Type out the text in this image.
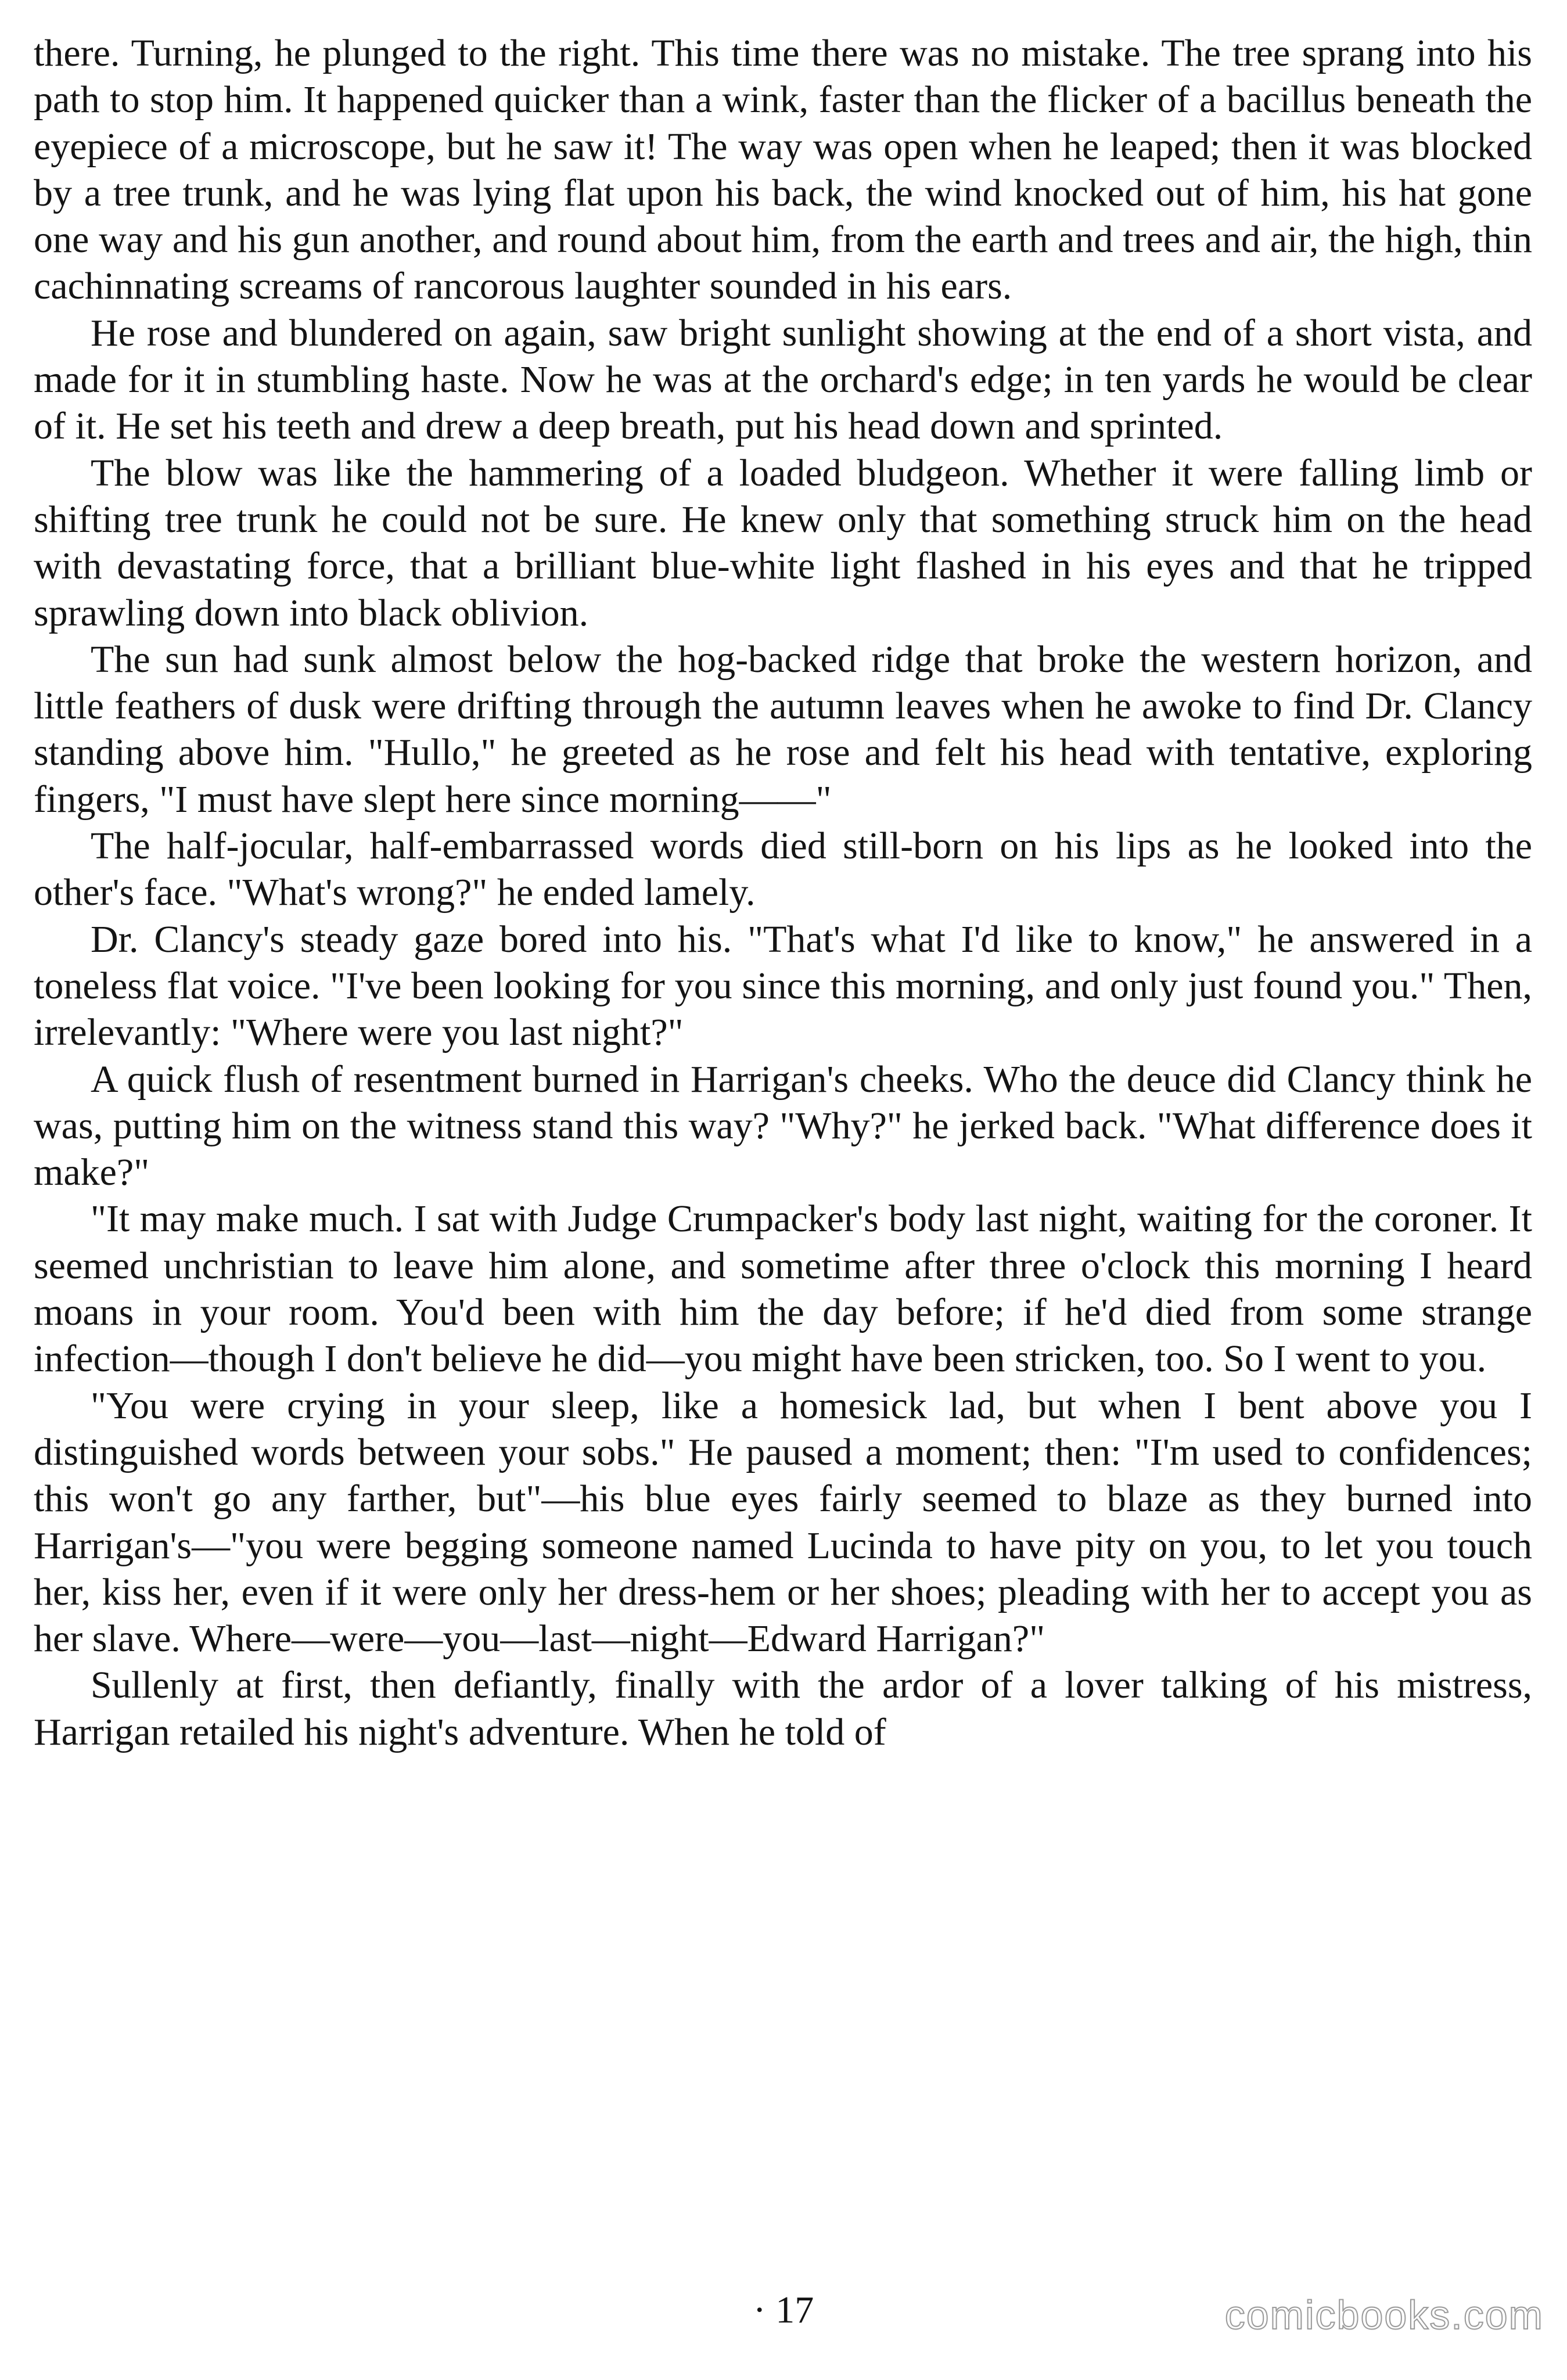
there. Turning, he plunged to the right. This time there was no mistake. The tree sprang into his path to stop him. It happened quicker than a wink, faster than the flicker of a bacillus beneath the eyepiece of a microscope, but he saw it! The way was open when he leaped; then it was blocked by a tree trunk, and he was lying flat upon his back, the wind knocked out of him, his hat gone one way and his gun another, and round about him, from the earth and trees and air, the high, thin cachinnating screams of rancorous laughter sounded in his ears.

He rose and blundered on again, saw bright sunlight showing at the end of a short vista, and made for it in stumbling haste. Now he was at the orchard's edge; in ten yards he would be clear of it. He set his teeth and drew a deep breath, put his head down and sprinted.

The blow was like the hammering of a loaded bludgeon. Whether it were falling limb or shifting tree trunk he could not be sure. He knew only that something struck him on the head with devastating force, that a brilliant blue-white light flashed in his eyes and that he tripped sprawling down into black oblivion.

The sun had sunk almost below the hog-backed ridge that broke the western horizon, and little feathers of dusk were drifting through the autumn leaves when he awoke to find Dr. Clancy standing above him. "Hullo," he greeted as he rose and felt his head with tentative, exploring fingers, "I must have slept here since morning——"

The half-jocular, half-embarrassed words died still-born on his lips as he looked into the other's face. "What's wrong?" he ended lamely.

Dr. Clancy's steady gaze bored into his. "That's what I'd like to know," he answered in a toneless flat voice. "I've been looking for you since this morning, and only just found you." Then, irrelevantly: "Where were you last night?"

A quick flush of resentment burned in Harrigan's cheeks. Who the deuce did Clancy think he was, putting him on the witness stand this way? "Why?" he jerked back. "What difference does it make?"

"It may make much. I sat with Judge Crumpacker's body last night, waiting for the coroner. It seemed unchristian to leave him alone, and sometime after three o'clock this morning I heard moans in your room. You'd been with him the day before; if he'd died from some strange infection—though I don't believe he did—you might have been stricken, too. So I went to you.

"You were crying in your sleep, like a homesick lad, but when I bent above you I distinguished words between your sobs." He paused a moment; then: "I'm used to confidences; this won't go any farther, but"—his blue eyes fairly seemed to blaze as they burned into Harrigan's—"you were begging someone named Lucinda to have pity on you, to let you touch her, kiss her, even if it were only her dress-hem or her shoes; pleading with her to accept you as her slave. Where—were—you—last—night—Edward Harrigan?"

Sullenly at first, then defiantly, finally with the ardor of a lover talking of his mistress, Harrigan retailed his night's adventure. When he told of

· 17	comicbooks.com
